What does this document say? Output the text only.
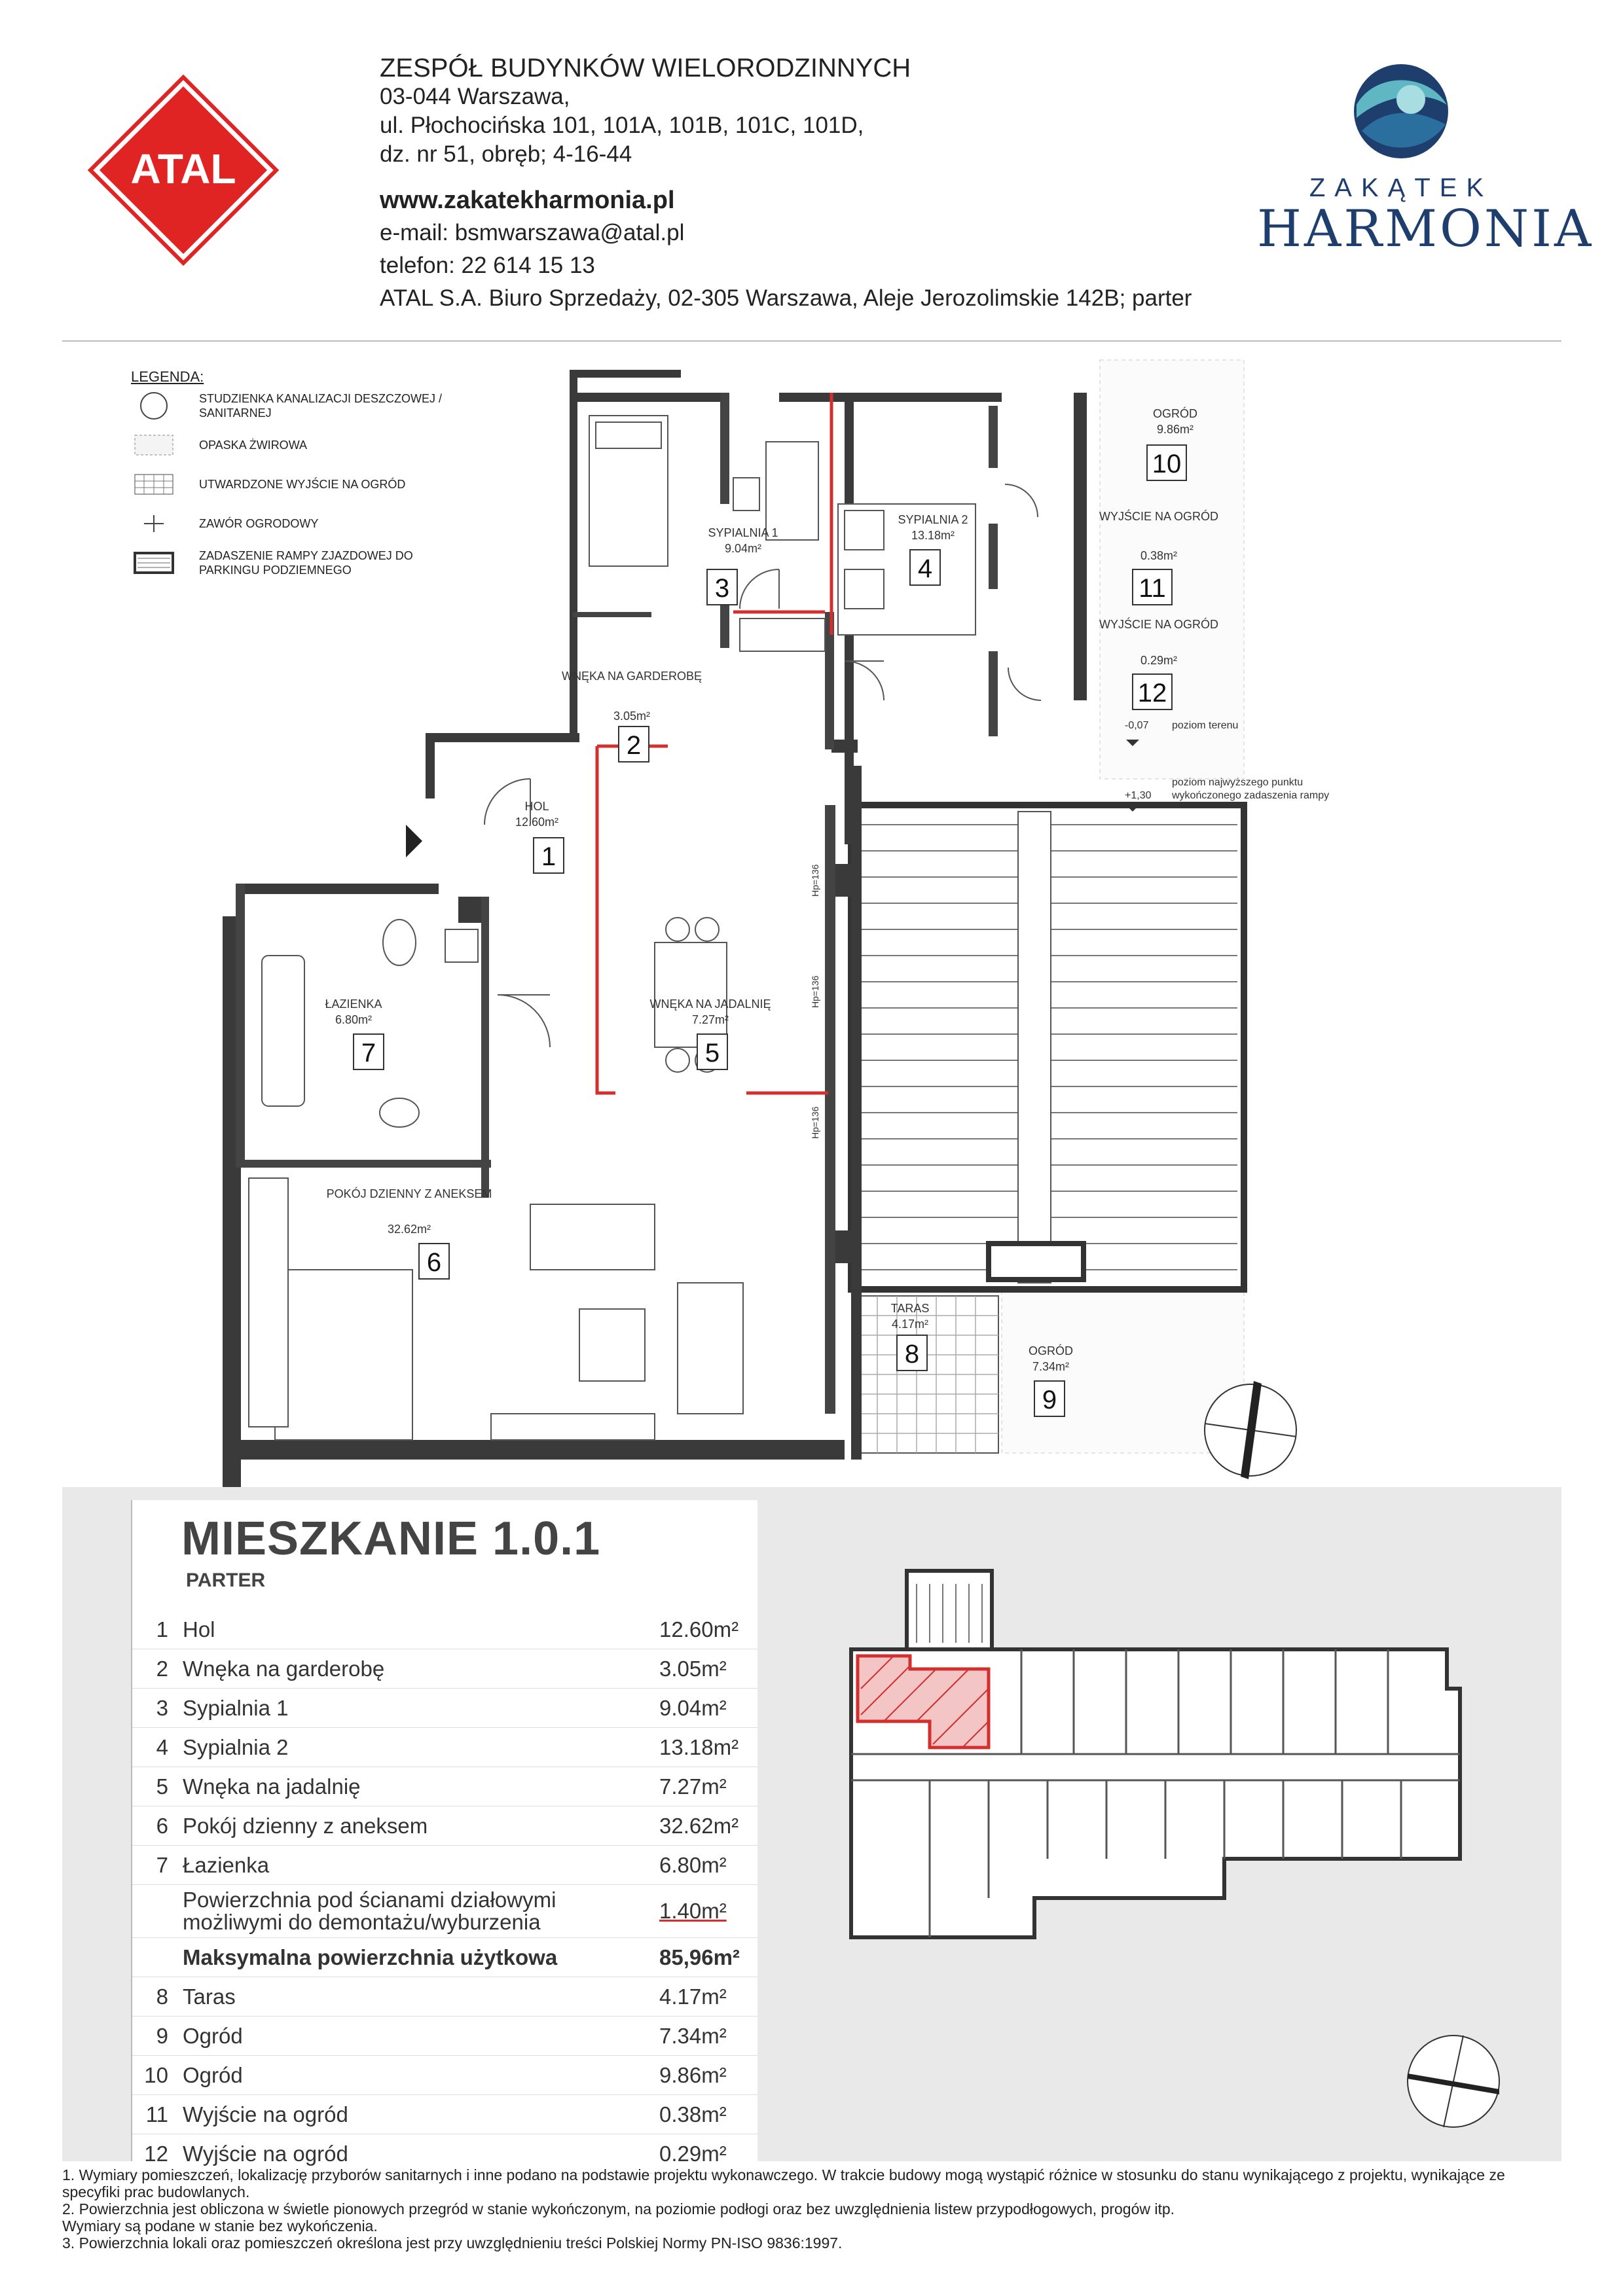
ATAL
ZESPÓŁ BUDYNKÓW WIELORODZINNYCH
03-044 Warszawa,
ul. Płochocińska 101, 101A, 101B, 101C, 101D,
dz. nr 51, obręb; 4-16-44
www.zakatekharmonia.pl
e-mail: bsmwarszawa@atal.pl
telefon: 22 614 15 13
ATAL S.A. Biuro Sprzedaży, 02-305 Warszawa, Aleje Jerozolimskie 142B; parter
ZAKĄTEK
HARMONIA
LEGENDA:
STUDZIENKA KANALIZACJI DESZCZOWEJ / SANITARNEJ
OPASKA ŻWIROWA
UTWARDZONE WYJŚCIE NA OGRÓD
ZAWÓR OGRODOWY
ZADASZENIE RAMPY ZJAZDOWEJ DO PARKINGU PODZIEMNEGO
HOL
12.60m²
WNĘKA NA GARDEROBĘ
3.05m²
SYPIALNIA 1
9.04m²
SYPIALNIA 2
13.18m²
WNĘKA NA JADALNIĘ
7.27m²
POKÓJ DZIENNY Z ANEKSEM
32.62m²
ŁAZIENKA
6.80m²
TARAS
4.17m²
OGRÓD
7.34m²
OGRÓD
9.86m²
WYJŚCIE NA OGRÓD
0.38m²
WYJŚCIE NA OGRÓD
0.29m²
1
2
3
4
5
6
7
8
9
10
11
12
-0,07 poziom terenu
+1,30
poziom najwyższego punktu
wykończonego zadaszenia rampy
Hp=136
Hp=136
Hp=136
MIESZKANIE 1.0.1
PARTER
1 Hol	12.60m²
2 Wnęka na garderobę	3.05m²
3 Sypialnia 1	9.04m²
4 Sypialnia 2	13.18m²
5 Wnęka na jadalnię	7.27m²
6 Pokój dzienny z aneksem	32.62m²
7 Łazienka	6.80m²
Powierzchnia pod ścianami działowymi
możliwymi do demontażu/wyburzenia	1.40m²
Maksymalna powierzchnia użytkowa	85,96m²
8 Taras	4.17m²
9 Ogród	7.34m²
10 Ogród	9.86m²
11 Wyjście na ogród	0.38m²
12 Wyjście na ogród	0.29m²
1. Wymiary pomieszczeń, lokalizację przyborów sanitarnych i inne podano na podstawie projektu wykonawczego. W trakcie budowy mogą wystąpić różnice w stosunku do stanu wynikającego z projektu, wynikające ze specyfiki prac budowlanych.
2. Powierzchnia jest obliczona w świetle pionowych przegród w stanie wykończonym, na poziomie podłogi oraz bez uwzględnienia listew przypodłogowych, progów itp.
Wymiary są podane w stanie bez wykończenia.
3. Powierzchnia lokali oraz pomieszczeń określona jest przy uwzględnieniu treści Polskiej Normy PN-ISO 9836:1997.
